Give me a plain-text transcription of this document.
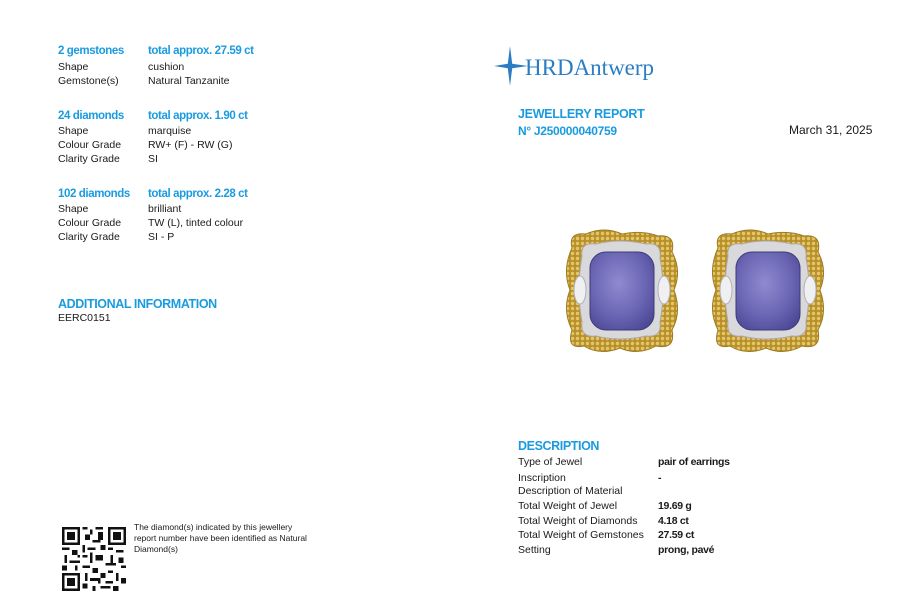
2 gemstones total approx. 27.59 ct
Shape	cushion
Gemstone(s)	Natural Tanzanite
24 diamonds total approx. 1.90 ct
Shape	marquise
Colour Grade	RW+ (F) - RW (G)
Clarity Grade	SI
102 diamonds total approx. 2.28 ct
Shape	brilliant
Colour Grade	TW (L), tinted colour
Clarity Grade	SI - P
ADDITIONAL INFORMATION
EERC0151
The diamond(s) indicated by this jewellery report number have been identified as Natural Diamond(s)
HRDAntwerp
JEWELLERY REPORT
N° J250000040759	March 31, 2025
DESCRIPTION
Type of Jewel	pair of earrings
Inscription	-
Description of Material
Total Weight of Jewel	19.69 g
Total Weight of Diamonds 4.18 ct
Total Weight of Gemstones 27.59 ct
Setting	prong, pavé
